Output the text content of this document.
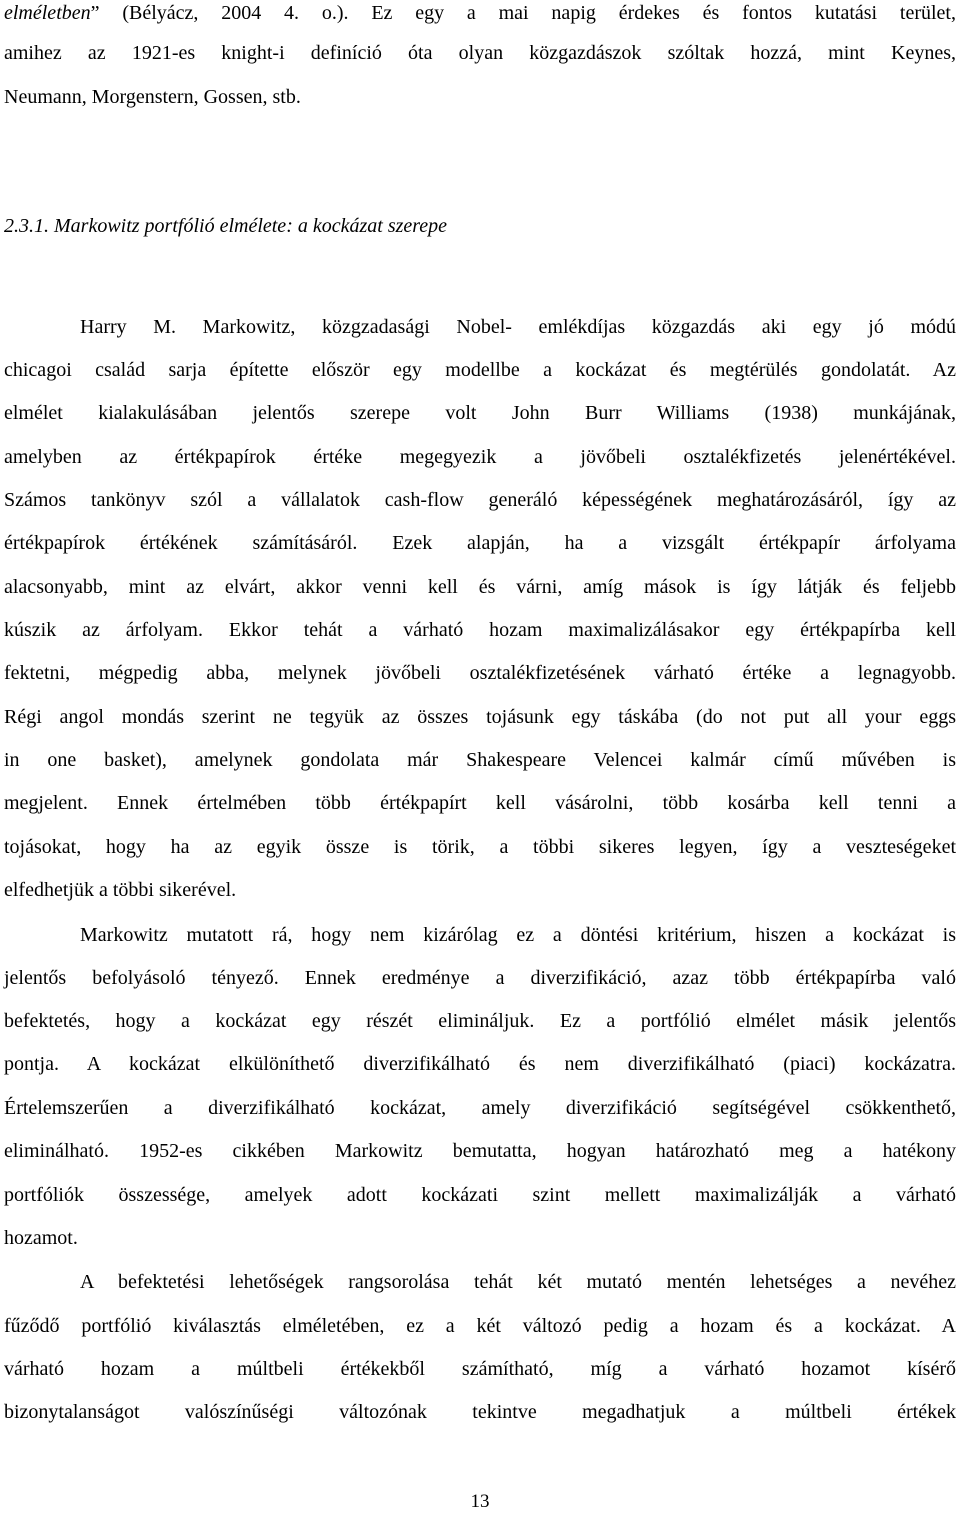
elméletben” (Bélyácz, 2004 4. o.). Ez egy a mai napig érdekes és fontos kutatási terület,
amihez az 1921-es knight-i definíció óta olyan közgazdászok szóltak hozzá, mint Keynes,
Neumann, Morgenstern, Gossen, stb.
2.3.1. Markowitz portfólió elmélete: a kockázat szerepe
Harry M. Markowitz, közgzadasági Nobel- emlékdíjas közgazdás aki egy jó módú
chicagoi család sarja építette először egy modellbe a kockázat és megtérülés gondolatát. Az
elmélet kialakulásában jelentős szerepe volt John Burr Williams (1938) munkájának,
amelyben az értékpapírok értéke megegyezik a jövőbeli osztalékfizetés jelenértékével.
Számos tankönyv szól a vállalatok cash-flow generáló képességének meghatározásáról, így az
értékpapírok értékének számításáról. Ezek alapján, ha a vizsgált értékpapír árfolyama
alacsonyabb, mint az elvárt, akkor venni kell és várni, amíg mások is így látják és feljebb
kúszik az árfolyam. Ekkor tehát a várható hozam maximalizálásakor egy értékpapírba kell
fektetni, mégpedig abba, melynek jövőbeli osztalékfizetésének várható értéke a legnagyobb.
Régi angol mondás szerint ne tegyük az összes tojásunk egy táskába (do not put all your eggs
in one basket), amelynek gondolata már Shakespeare Velencei kalmár című művében is
megjelent. Ennek értelmében több értékpapírt kell vásárolni, több kosárba kell tenni a
tojásokat, hogy ha az egyik össze is törik, a többi sikeres legyen, így a veszteségeket
elfedhetjük a többi sikerével.
Markowitz mutatott rá, hogy nem kizárólag ez a döntési kritérium, hiszen a kockázat is
jelentős befolyásoló tényező. Ennek eredménye a diverzifikáció, azaz több értékpapírba való
befektetés, hogy a kockázat egy részét elimináljuk. Ez a portfólió elmélet másik jelentős
pontja. A kockázat elkülöníthető diverzifikálható és nem diverzifikálható (piaci) kockázatra.
Értelemszerűen a diverzifikálható kockázat, amely diverzifikáció segítségével csökkenthető,
eliminálható. 1952-es cikkében Markowitz bemutatta, hogyan határozható meg a hatékony
portfóliók összessége, amelyek adott kockázati szint mellett maximalizálják a várható
hozamot.
A befektetési lehetőségek rangsorolása tehát két mutató mentén lehetséges a nevéhez
fűződő portfólió kiválasztás elméletében, ez a két változó pedig a hozam és a kockázat. A
várható hozam a múltbeli értékekből számítható, míg a várható hozamot kísérő
bizonytalanságot valószínűségi változónak tekintve megadhatjuk a múltbeli értékek
13
